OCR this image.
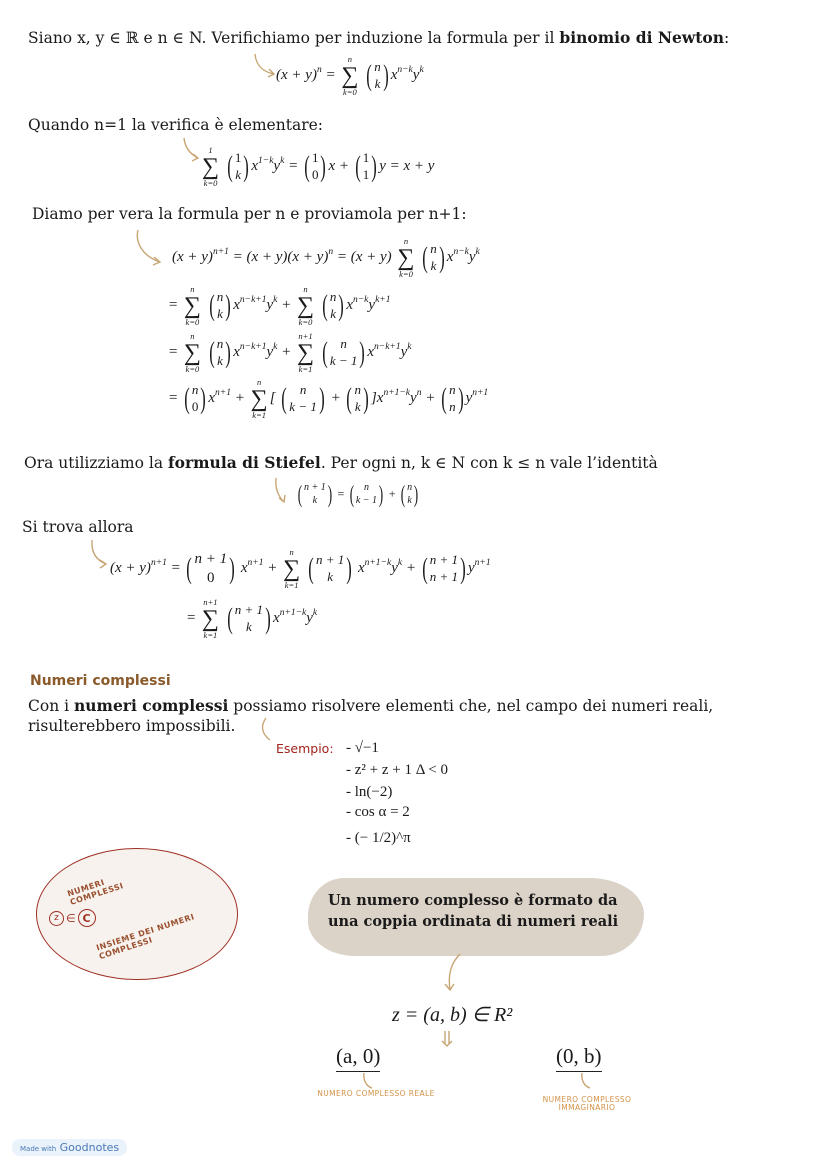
Siano x, y ∈ ℝ e n ∈ N. Verifichiamo per induzione la formula per il binomio di Newton:
$(x + y)^n$ =
n
∑
k=0
( n
k ) $x^{n-k}y^k$
Quando n=1 la verifica è elementare:
1
∑
k=0
( 1
k ) $x^{1-k}y^k$ = ( 1
0 ) x + ( 1
1 ) y = x + y
Diamo per vera la formula per n e proviamola per n+1:
$(x + y)^{n+1} = (x + y)(x + y)^n = (x + y)$
n
∑
k=0
( n
k ) $x^{n-k}y^k$
=
n
∑
k=0
( n
k ) $x^{n-k+1}y^k$ +
n
∑
k=0
( n
k ) $x^{n-k}y^{k+1}$
=
n
∑
k=0
( n
k ) $x^{n-k+1}y^k$ +
n+1
∑
k=1
( n
k − 1 ) $x^{n-k+1}y^k$
= ( n
0 ) $x^{n+1}$ +
n
∑
k=1
[ ( n
k − 1 ) + ( n
k ) ]$x^{n+1-k}y^n$ + ( n
n ) $y^{n+1}$
Ora utilizziamo la formula di Stiefel. Per ogni n, k ∈ N con k ≤ n vale l’identità
( n + 1
k ) = ( n
k − 1 ) + ( n
k )
Si trova allora
$(x + y)^{n+1}$ = ( n + 1
0 ) $x^{n+1}$ +
n
∑
k=1
( n + 1
k ) $x^{n+1-k}y^k$ + ( n + 1
n + 1 ) $y^{n+1}$
=
n+1
∑
k=1
( n + 1
k ) $x^{n+1-k}y^k$
Numeri complessi
Con i numeri complessi possiamo risolvere elementi che, nel campo dei numeri reali,
risulterebbero impossibili.
Esempio: - √−1
- z² + z + 1 Δ < 0
- ln(−2)
- cos α = 2
- (− 1/2)^π
NUMERI COMPLESSI
z ∈ C INSIEME DEI NUMERI COMPLESSI
Un numero complesso è formato da una coppia ordinata di numeri reali
z = (a, b) ∈ R²
(a, 0)	(0, b)
NUMERO COMPLESSO REALE
NUMERO COMPLESSO IMMAGINARIO
Made with Goodnotes
